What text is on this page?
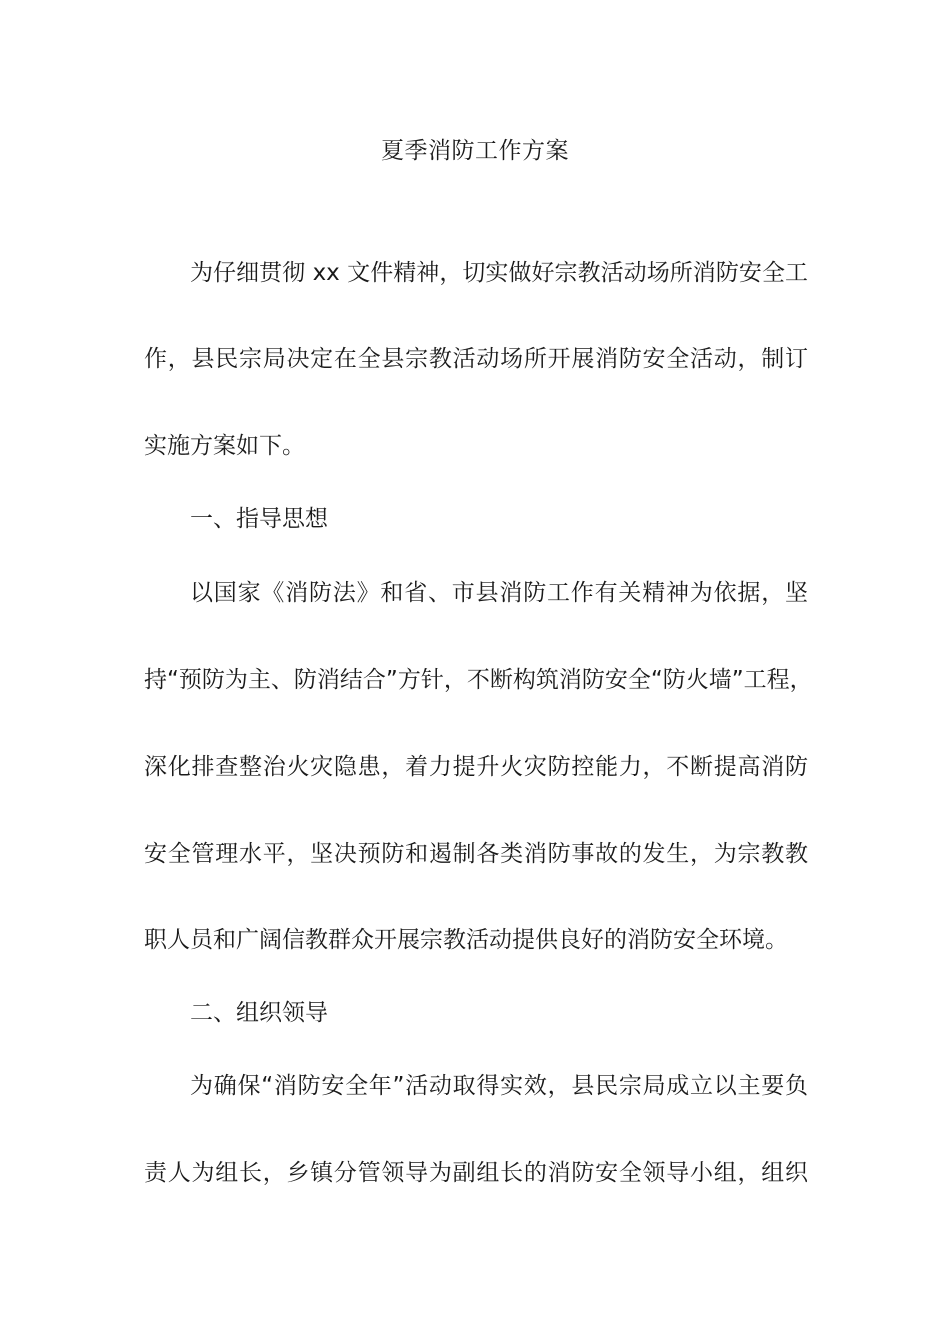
夏季消防工作方案

为仔细贯彻 xx 文件精神，切实做好宗教活动场所消防安全工

作，县民宗局决定在全县宗教活动场所开展消防安全活动，制订

实施方案如下。

一、指导思想

以国家《消防法》和省、市县消防工作有关精神为依据，坚

持“预防为主、防消结合”方针，不断构筑消防安全“防火墙”工程，

深化排查整治火灾隐患，着力提升火灾防控能力，不断提高消防

安全管理水平，坚决预防和遏制各类消防事故的发生，为宗教教

职人员和广阔信教群众开展宗教活动提供良好的消防安全环境。

二、组织领导

为确保“消防安全年”活动取得实效，县民宗局成立以主要负

责人为组长，乡镇分管领导为副组长的消防安全领导小组，组织
